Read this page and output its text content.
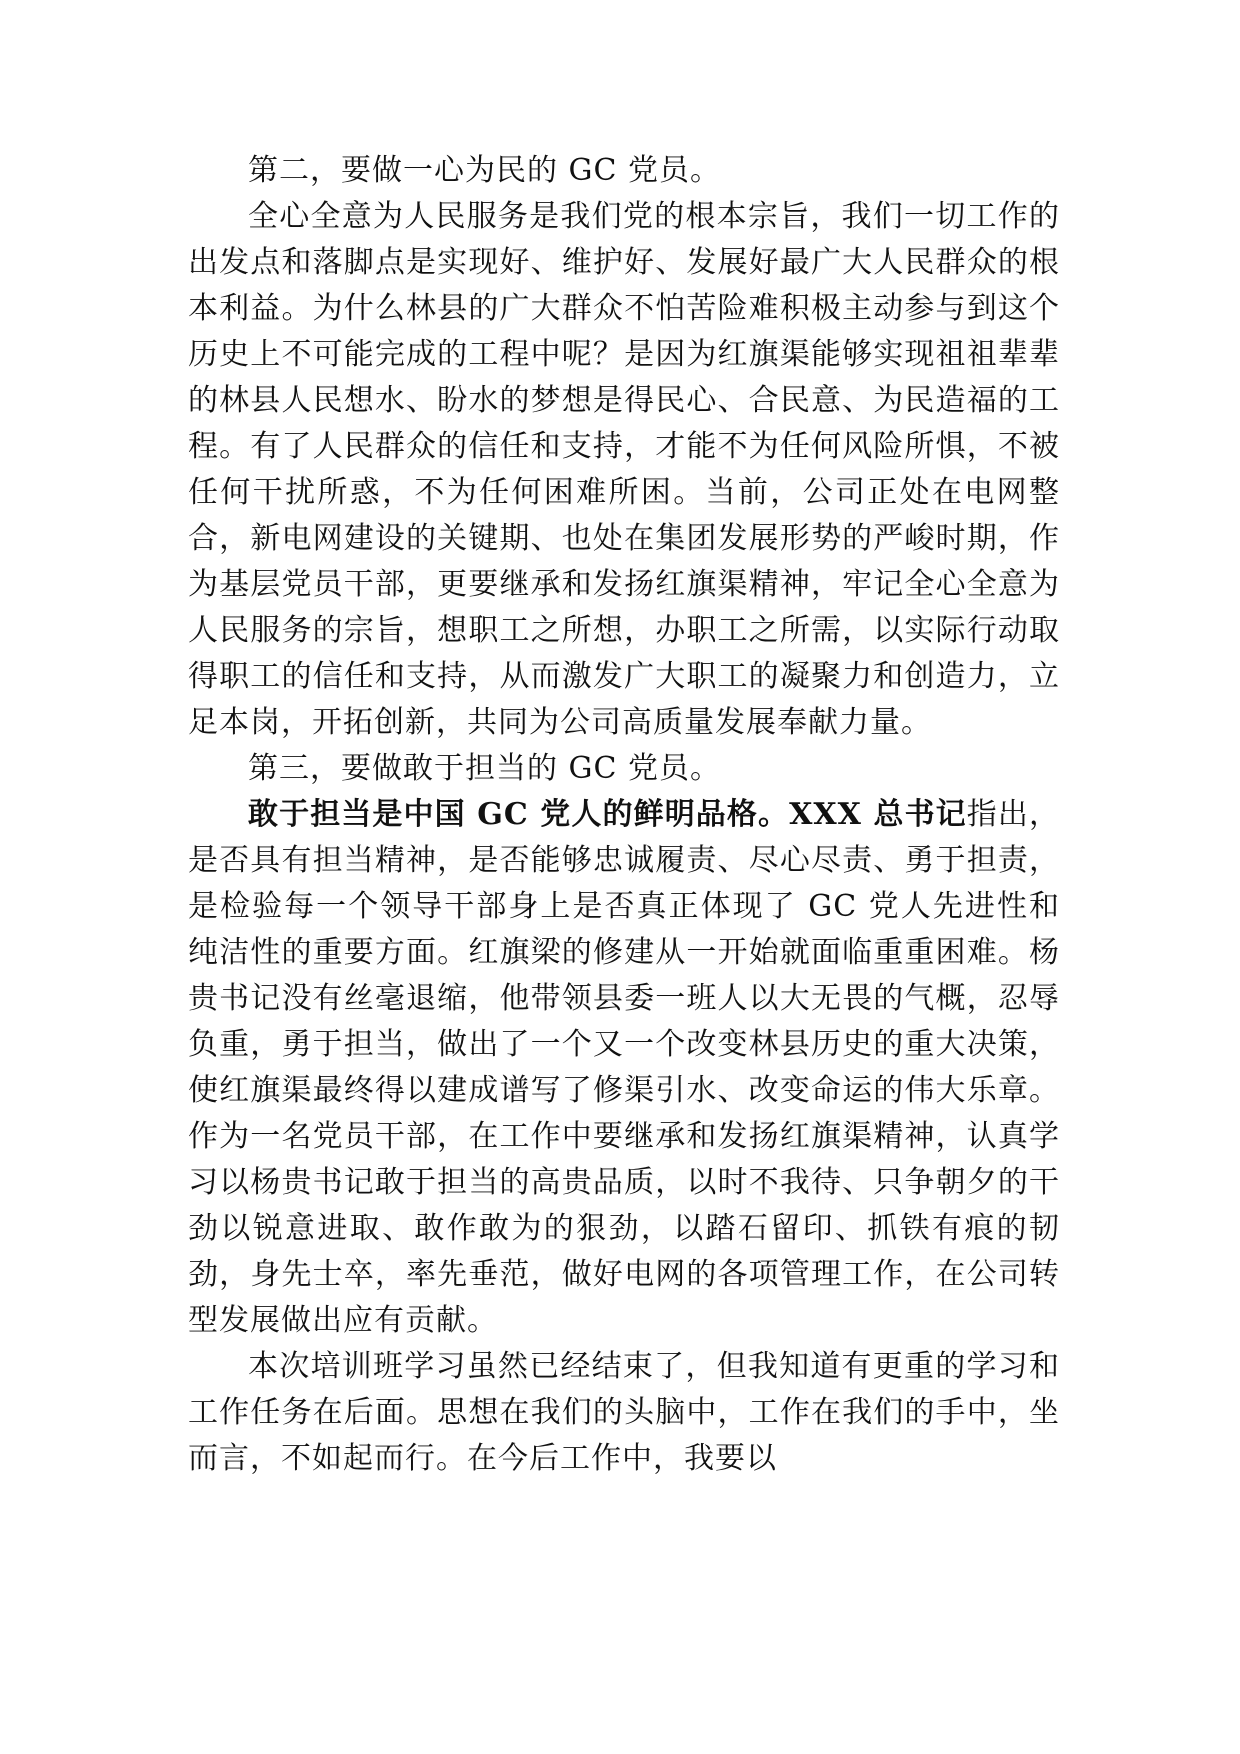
第二，要做一心为民的 GC 党员。

全心全意为人民服务是我们党的根本宗旨，我们一切工作的出发点和落脚点是实现好、维护好、发展好最广大人民群众的根本利益。为什么林县的广大群众不怕苦险难积极主动参与到这个历史上不可能完成的工程中呢？是因为红旗渠能够实现祖祖辈辈的林县人民想水、盼水的梦想是得民心、合民意、为民造福的工程。有了人民群众的信任和支持，才能不为任何风险所惧，不被任何干扰所惑，不为任何困难所困。当前，公司正处在电网整合，新电网建设的关键期、也处在集团发展形势的严峻时期，作为基层党员干部，更要继承和发扬红旗渠精神，牢记全心全意为人民服务的宗旨，想职工之所想，办职工之所需，以实际行动取得职工的信任和支持，从而激发广大职工的凝聚力和创造力，立足本岗，开拓创新，共同为公司高质量发展奉献力量。

第三，要做敢于担当的 GC 党员。

敢于担当是中国 GC 党人的鲜明品格。XXX 总书记指出，是否具有担当精神，是否能够忠诚履责、尽心尽责、勇于担责，是检验每一个领导干部身上是否真正体现了 GC 党人先进性和纯洁性的重要方面。红旗梁的修建从一开始就面临重重困难。杨贵书记没有丝毫退缩，他带领县委一班人以大无畏的气概，忍辱负重，勇于担当，做出了一个又一个改变林县历史的重大决策，使红旗渠最终得以建成谱写了修渠引水、改变命运的伟大乐章。作为一名党员干部，在工作中要继承和发扬红旗渠精神，认真学习以杨贵书记敢于担当的高贵品质，以时不我待、只争朝夕的干劲以锐意进取、敢作敢为的狠劲，以踏石留印、抓铁有痕的韧劲，身先士卒，率先垂范，做好电网的各项管理工作，在公司转型发展做出应有贡献。

本次培训班学习虽然已经结束了，但我知道有更重的学习和工作任务在后面。思想在我们的头脑中，工作在我们的手中，坐而言，不如起而行。在今后工作中，我要以
